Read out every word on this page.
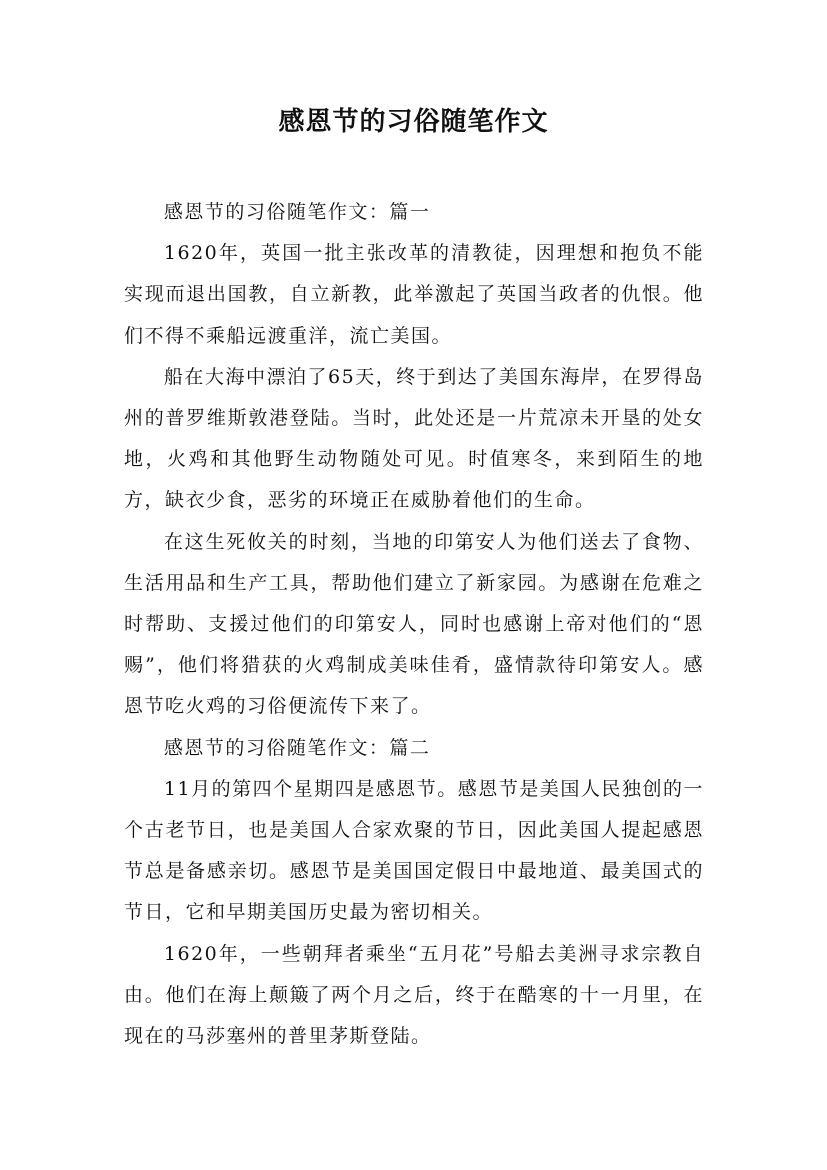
感恩节的习俗随笔作文

感恩节的习俗随笔作文：篇一

1620年，英国一批主张改革的清教徒，因理想和抱负不能实现而退出国教，自立新教，此举激起了英国当政者的仇恨。他们不得不乘船远渡重洋，流亡美国。

船在大海中漂泊了65天，终于到达了美国东海岸，在罗得岛州的普罗维斯敦港登陆。当时，此处还是一片荒凉未开垦的处女地，火鸡和其他野生动物随处可见。时值寒冬，来到陌生的地方，缺衣少食，恶劣的环境正在威胁着他们的生命。

在这生死攸关的时刻，当地的印第安人为他们送去了食物、生活用品和生产工具，帮助他们建立了新家园。为感谢在危难之时帮助、支援过他们的印第安人，同时也感谢上帝对他们的“恩赐”，他们将猎获的火鸡制成美味佳肴，盛情款待印第安人。感恩节吃火鸡的习俗便流传下来了。

感恩节的习俗随笔作文：篇二

11月的第四个星期四是感恩节。感恩节是美国人民独创的一个古老节日，也是美国人合家欢聚的节日，因此美国人提起感恩节总是备感亲切。感恩节是美国国定假日中最地道、最美国式的节日，它和早期美国历史最为密切相关。

1620年，一些朝拜者乘坐“五月花”号船去美洲寻求宗教自由。他们在海上颠簸了两个月之后，终于在酷寒的十一月里，在现在的马莎塞州的普里茅斯登陆。
